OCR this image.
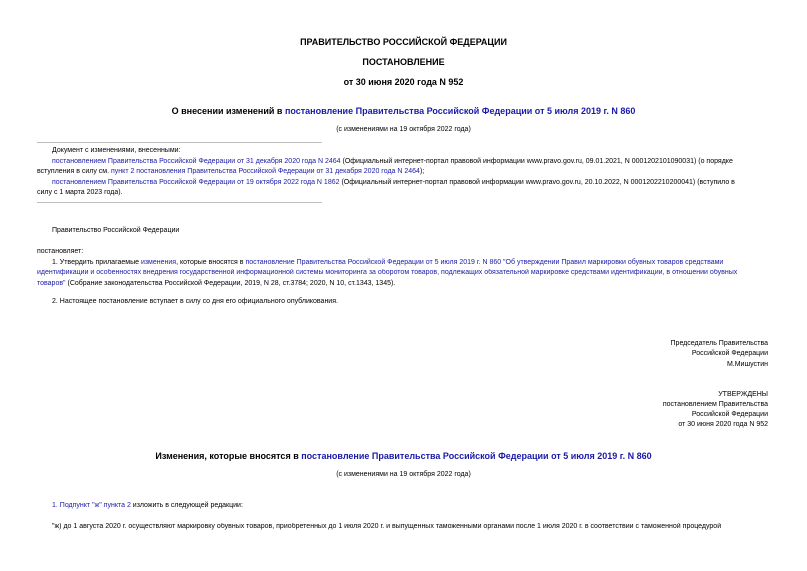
ПРАВИТЕЛЬСТВО РОССИЙСКОЙ ФЕДЕРАЦИИ
ПОСТАНОВЛЕНИЕ
от 30 июня 2020 года N 952
О внесении изменений в постановление Правительства Российской Федерации от 5 июля 2019 г. N 860
(с изменениями на 19 октября 2022 года)
Документ с изменениями, внесенными:
постановлением Правительства Российской Федерации от 31 декабря 2020 года N 2464 (Официальный интернет-портал правовой информации www.pravo.gov.ru, 09.01.2021, N 0001202101090031) (о порядке
вступления в силу см. пункт 2 постановления Правительства Российской Федерации от 31 декабря 2020 года N 2464);
постановлением Правительства Российской Федерации от 19 октября 2022 года N 1862 (Официальный интернет-портал правовой информации www.pravo.gov.ru, 20.10.2022, N 0001202210200041) (вступило в
силу с 1 марта 2023 года).
Правительство Российской Федерации
постановляет:
1. Утвердить прилагаемые изменения, которые вносятся в постановление Правительства Российской Федерации от 5 июля 2019 г. N 860 "Об утверждении Правил маркировки обувных товаров средствами
идентификации и особенностях внедрения государственной информационной системы мониторинга за оборотом товаров, подлежащих обязательной маркировке средствами идентификации, в отношении обувных
товаров" (Собрание законодательства Российской Федерации, 2019, N 28, ст.3784; 2020, N 10, ст.1343, 1345).
2. Настоящее постановление вступает в силу со дня его официального опубликования.
Председатель Правительства
Российской Федерации
М.Мишустин
УТВЕРЖДЕНЫ
постановлением Правительства
Российской Федерации
от 30 июня 2020 года N 952
Изменения, которые вносятся в постановление Правительства Российской Федерации от 5 июля 2019 г. N 860
(с изменениями на 19 октября 2022 года)
1. Подпункт "ж" пункта 2 изложить в следующей редакции:
"ж) до 1 августа 2020 г. осуществляют маркировку обувных товаров, приобретенных до 1 июля 2020 г. и выпущенных таможенными органами после 1 июля 2020 г. в соответствии с таможенной процедурой
